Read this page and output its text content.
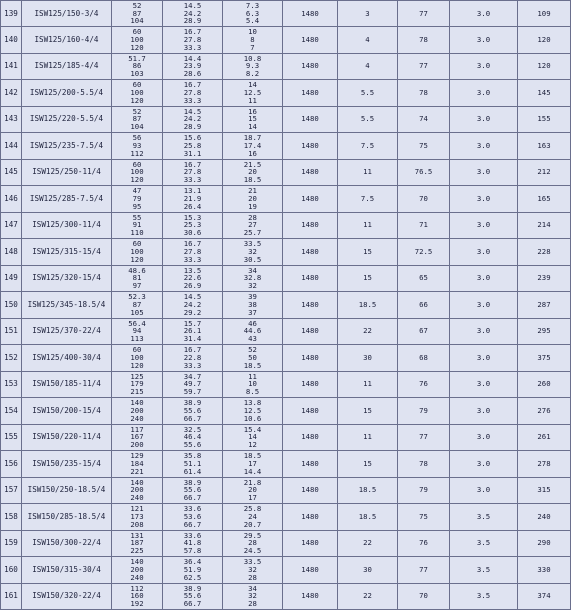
139	ISW125/150-3/4	52
87
104	14.5
24.2
28.9	7.3
6.3
5.4	1480	3	77	3.0	109
140	ISW125/160-4/4	60
100
120	16.7
27.8
33.3	10
8
7	1480	4	78	3.0	120
141	ISW125/185-4/4	51.7
86
103	14.4
23.9
28.6	10.8
9.3
8.2	1480	4	77	3.0	120
142	ISW125/200-5.5/4	60
100
120	16.7
27.8
33.3	14
12.5
11	1480	5.5	78	3.0	145
143	ISW125/220-5.5/4	52
87
104	14.5
24.2
28.9	16
15
14	1480	5.5	74	3.0	155
144	ISW125/235-7.5/4	56
93
112	15.6
25.8
31.1	18.7
17.4
16	1480	7.5	75	3.0	163
145	ISW125/250-11/4	60
100
120	16.7
27.8
33.3	21.5
20
18.5	1480	11	76.5	3.0	212
146	ISW125/285-7.5/4	47
79
95	13.1
21.9
26.4	21
20
19	1480	7.5	70	3.0	165
147	ISW125/300-11/4	55
91
110	15.3
25.3
30.6	28
27
25.7	1480	11	71	3.0	214
148	ISW125/315-15/4	60
100
120	16.7
27.8
33.3	33.5
32
30.5	1480	15	72.5	3.0	228
149	ISW125/320-15/4	48.6
81
97	13.5
22.6
26.9	34
32.8
32	1480	15	65	3.0	239
150	ISW125/345-18.5/4	52.3
87
105	14.5
24.2
29.2	39
38
37	1480	18.5	66	3.0	287
151	ISW125/370-22/4	56.4
94
113	15.7
26.1
31.4	46
44.6
43	1480	22	67	3.0	295
152	ISW125/400-30/4	60
100
120	16.7
22.8
33.3	52
50
18.5	1480	30	68	3.0	375
153	ISW150/185-11/4	125
179
215	34.7
49.7
59.7	11
10
8.5	1480	11	76	3.0	260
154	ISW150/200-15/4	140
200
240	38.9
55.6
66.7	13.8
12.5
10.6	1480	15	79	3.0	276
155	ISW150/220-11/4	117
167
200	32.5
46.4
55.6	15.4
14
12	1480	11	77	3.0	261
156	ISW150/235-15/4	129
184
221	35.8
51.1
61.4	18.5
17
14.4	1480	15	78	3.0	278
157	ISW150/250-18.5/4	140
200
240	38.9
55.6
66.7	21.8
20
17	1480	18.5	79	3.0	315
158	ISW150/285-18.5/4	121
173
208	33.6
53.6
66.7	25.8
24
20.7	1480	18.5	75	3.5	240
159	ISW150/300-22/4	131
187
225	33.6
41.8
57.8	29.5
28
24.5	1480	22	76	3.5	290
160	ISW150/315-30/4	140
200
240	36.4
51.9
62.5	33.5
32
28	1480	30	77	3.5	330
161	ISW150/320-22/4	112
160
192	38.9
55.6
66.7	34
32
28	1480	22	70	3.5	374
